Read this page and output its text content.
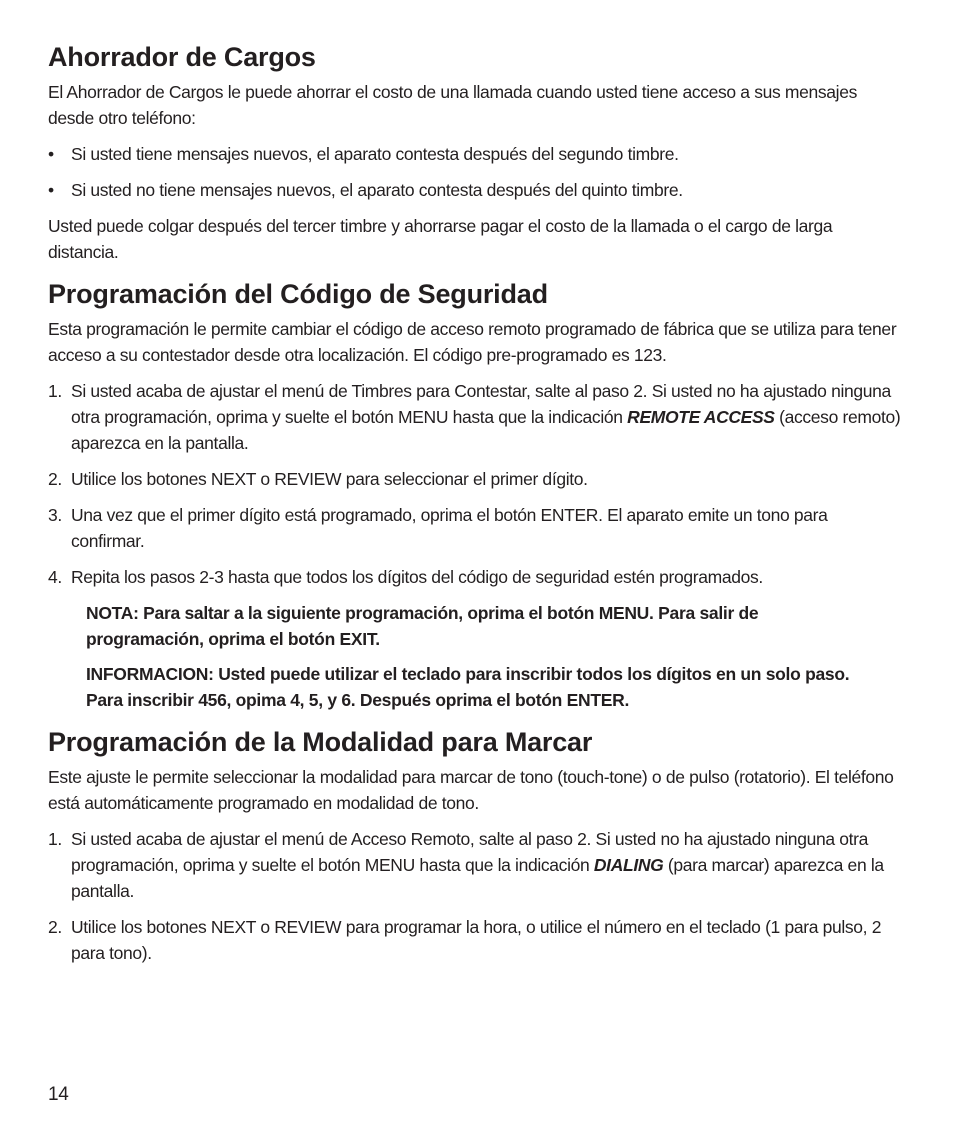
Ahorrador de Cargos

El Ahorrador de Cargos le puede ahorrar el costo de una llamada cuando usted tiene acceso a sus mensajes desde otro teléfono:

• Si usted tiene mensajes nuevos, el aparato contesta después del segundo timbre.
• Si usted no tiene mensajes nuevos, el aparato contesta después del quinto timbre.

Usted puede colgar después del tercer timbre y ahorrarse pagar el costo de la llamada o el cargo de larga distancia.

Programación del Código de Seguridad

Esta programación le permite cambiar el código de acceso remoto programado de fábrica que se utiliza para tener acceso a su contestador desde otra localización. El código pre-programado es 123.

1. Si usted acaba de ajustar el menú de Timbres para Contestar, salte al paso 2. Si usted no ha ajustado ninguna otra programación, oprima y suelte el botón MENU hasta que la indicación REMOTE ACCESS (acceso remoto) aparezca en la pantalla.
2. Utilice los botones NEXT o REVIEW para seleccionar el primer dígito.
3. Una vez que el primer dígito está programado, oprima el botón ENTER. El aparato emite un tono para confirmar.
4. Repita los pasos 2-3 hasta que todos los dígitos del código de seguridad estén programados.

NOTA: Para saltar a la siguiente programación, oprima el botón MENU. Para salir de programación, oprima el botón EXIT.

INFORMACION: Usted puede utilizar el teclado para inscribir todos los dígitos en un solo paso. Para inscribir 456, opima 4, 5, y 6. Después oprima el botón ENTER.

Programación de la Modalidad para Marcar

Este ajuste le permite seleccionar la modalidad para marcar de tono (touch-tone) o de pulso (rotatorio). El teléfono está automáticamente programado en modalidad de tono.

1. Si usted acaba de ajustar el menú de Acceso Remoto, salte al paso 2. Si usted no ha ajustado ninguna otra programación, oprima y suelte el botón MENU hasta que la indicación DIALING (para marcar) aparezca en la pantalla.
2. Utilice los botones NEXT o REVIEW para programar la hora, o utilice el número en el teclado (1 para pulso, 2 para tono).
14
